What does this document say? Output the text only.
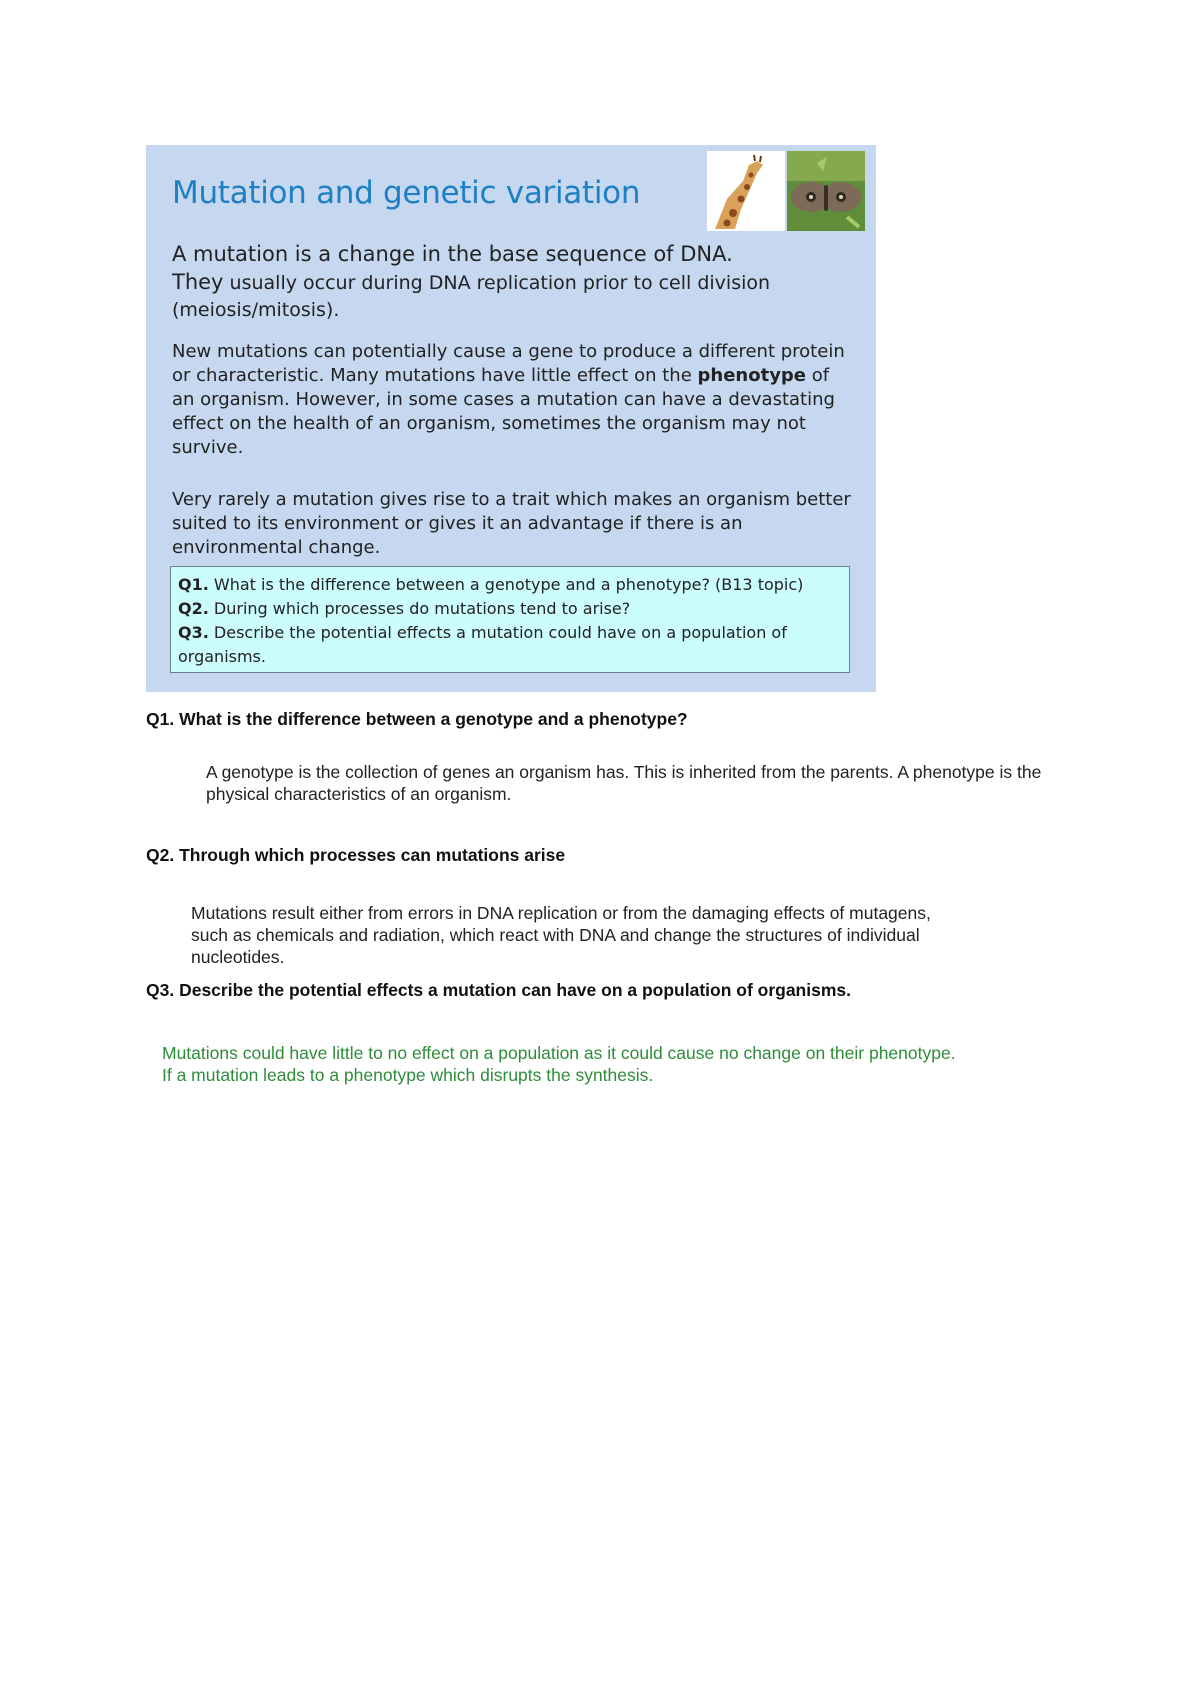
Mutation and genetic variation

A mutation is a change in the base sequence of DNA. They usually occur during DNA replication prior to cell division (meiosis/mitosis).

New mutations can potentially cause a gene to produce a different protein or characteristic. Many mutations have little effect on the phenotype of an organism. However, in some cases a mutation can have a devastating effect on the health of an organism, sometimes the organism may not survive.

Very rarely a mutation gives rise to a trait which makes an organism better suited to its environment or gives it an advantage if there is an environmental change.

Q1. What is the difference between a genotype and a phenotype? (B13 topic)
Q2. During which processes do mutations tend to arise?
Q3. Describe the potential effects a mutation could have on a population of organisms.
Q1. What is the difference between a genotype and a phenotype?

A genotype is the collection of genes an organism has. This is inherited from the parents. A phenotype is the physical characteristics of an organism.

Q2. Through which processes can mutations arise

Mutations result either from errors in DNA replication or from the damaging effects of mutagens, such as chemicals and radiation, which react with DNA and change the structures of individual nucleotides.

Q3. Describe the potential effects a mutation can have on a population of organisms.

Mutations could have little to no effect on a population as it could cause no change on their phenotype. If a mutation leads to a phenotype which disrupts the synthesis.
